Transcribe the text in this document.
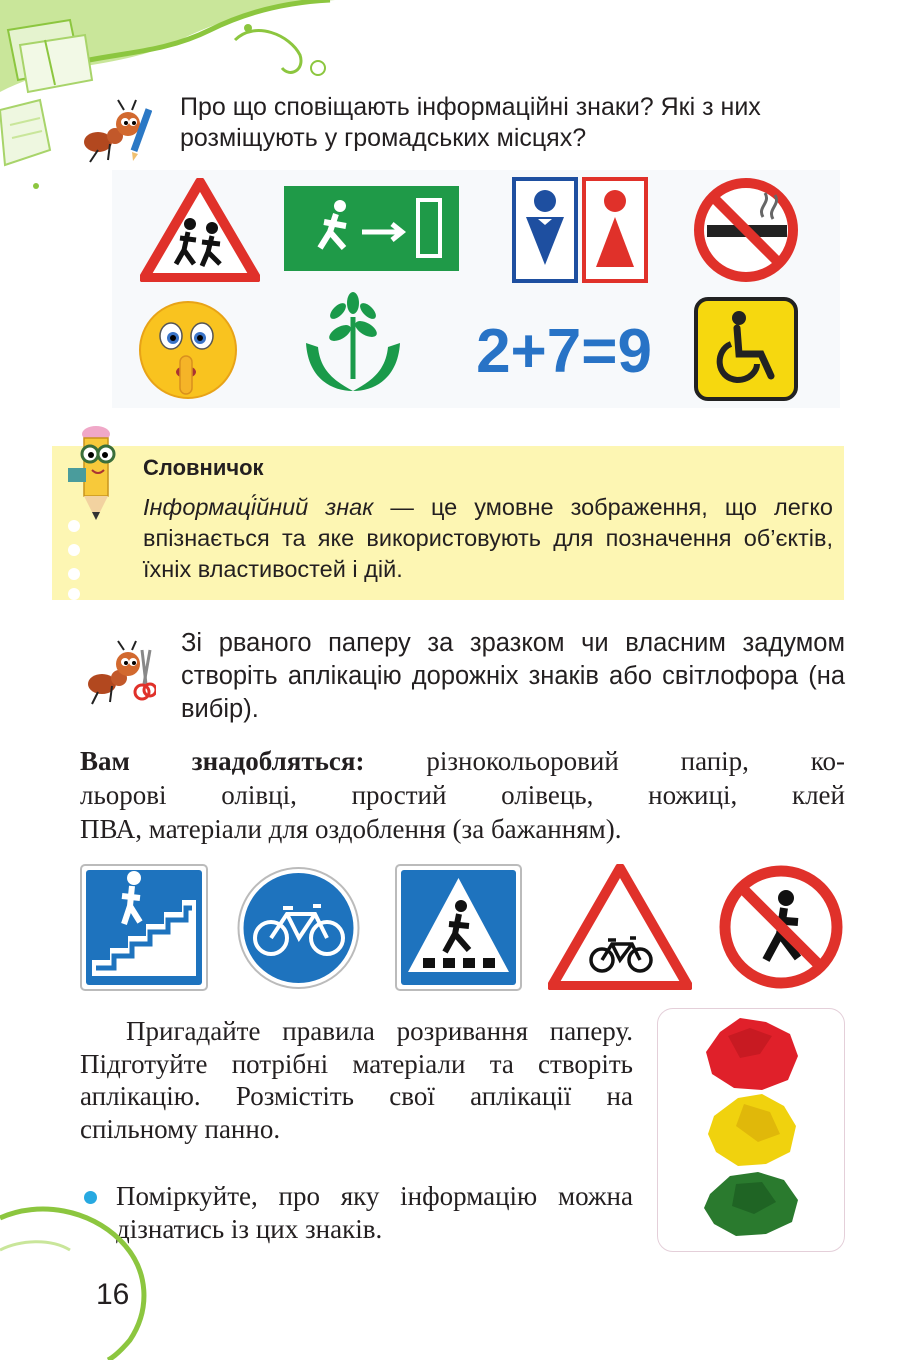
Про що сповіщають інформаційні знаки? Які з них розміщують у громадських місцях?
2+7=9
Словничок
Інформаці́йний знак — це умовне зображення, що легко впізнається та яке використовують для позначення об’єктів, їхніх властивостей і дій.
Зі рваного паперу за зразком чи власним задумом створіть аплікацію дорожніх знаків або світлофора (на вибір).
Вам знадобляться: різнокольоровий папір, ко-
льорові олівці, простий олівець, ножиці, клей
ПВА, матеріали для оздоблення (за бажанням).

Пригадайте правила розривання паперу. Підготуйте потрібні матеріали та створіть аплікацію. Розмістіть свої аплікації на спільному панно.

Поміркуйте, про яку інформацію можна дізнатись із цих знаків.
16
